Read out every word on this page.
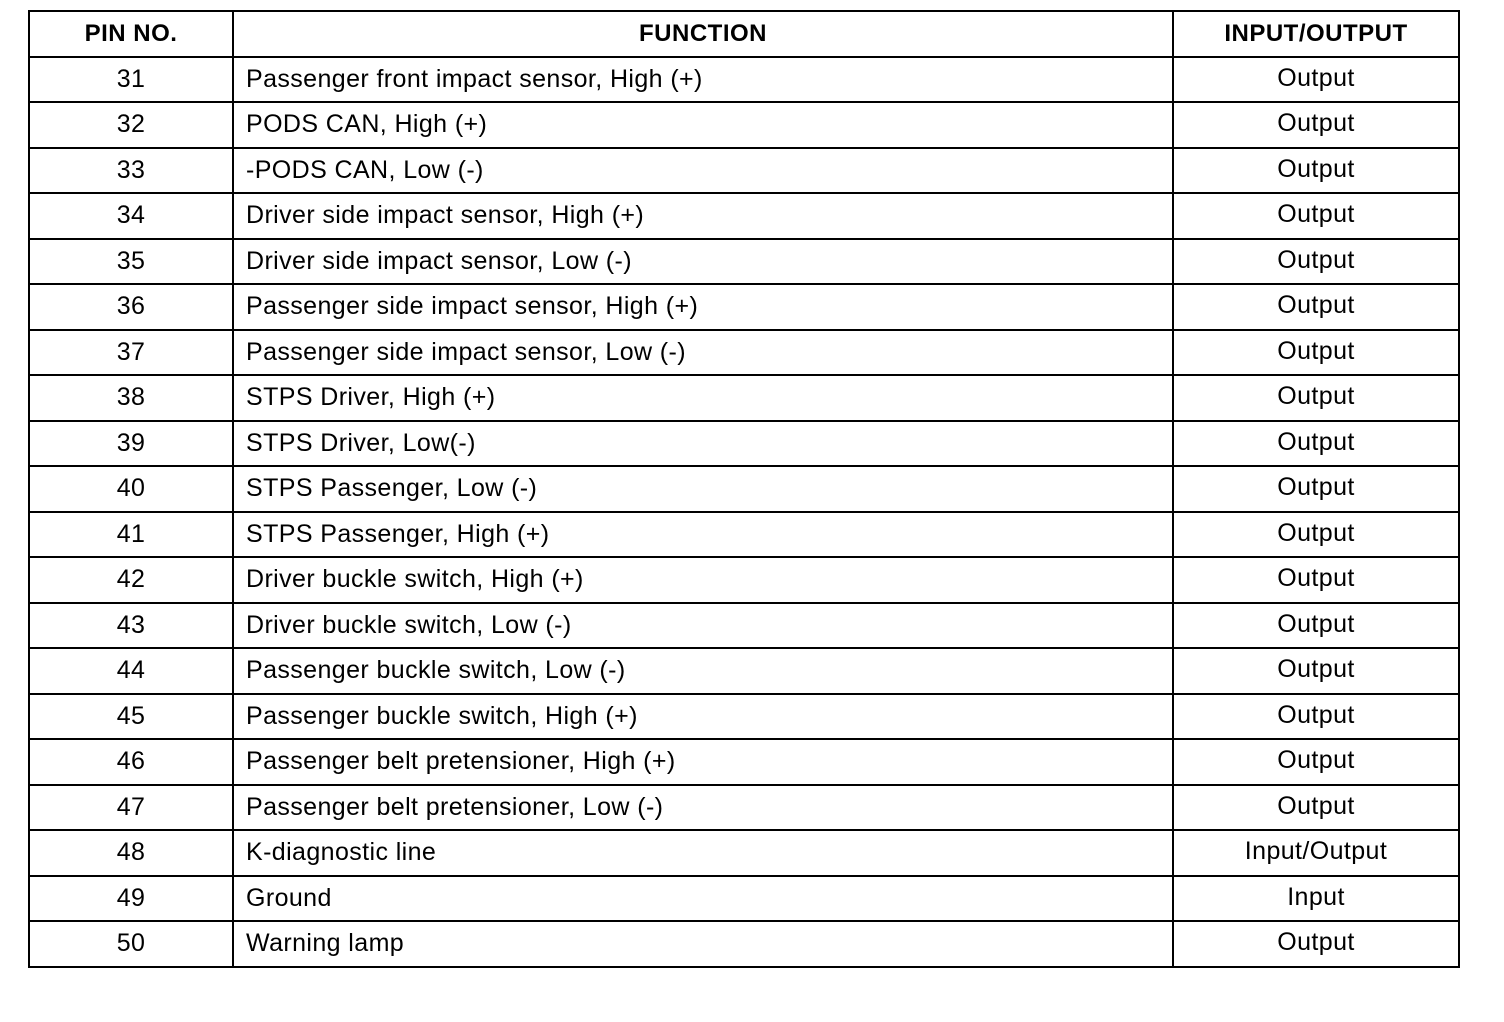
PIN NO.	FUNCTION	INPUT/OUTPUT
31	Passenger front impact sensor, High (+)	Output
32	PODS CAN, High (+)	Output
33	-PODS CAN, Low (-)	Output
34	Driver side impact sensor, High (+)	Output
35	Driver side impact sensor, Low (-)	Output
36	Passenger side impact sensor, High (+)	Output
37	Passenger side impact sensor, Low (-)	Output
38	STPS Driver, High (+)	Output
39	STPS Driver, Low(-)	Output
40	STPS Passenger, Low (-)	Output
41	STPS Passenger, High (+)	Output
42	Driver buckle switch, High (+)	Output
43	Driver buckle switch, Low (-)	Output
44	Passenger buckle switch, Low (-)	Output
45	Passenger buckle switch, High (+)	Output
46	Passenger belt pretensioner, High (+)	Output
47	Passenger belt pretensioner, Low (-)	Output
48	K-diagnostic line	Input/Output
49	Ground	Input
50	Warning lamp	Output
